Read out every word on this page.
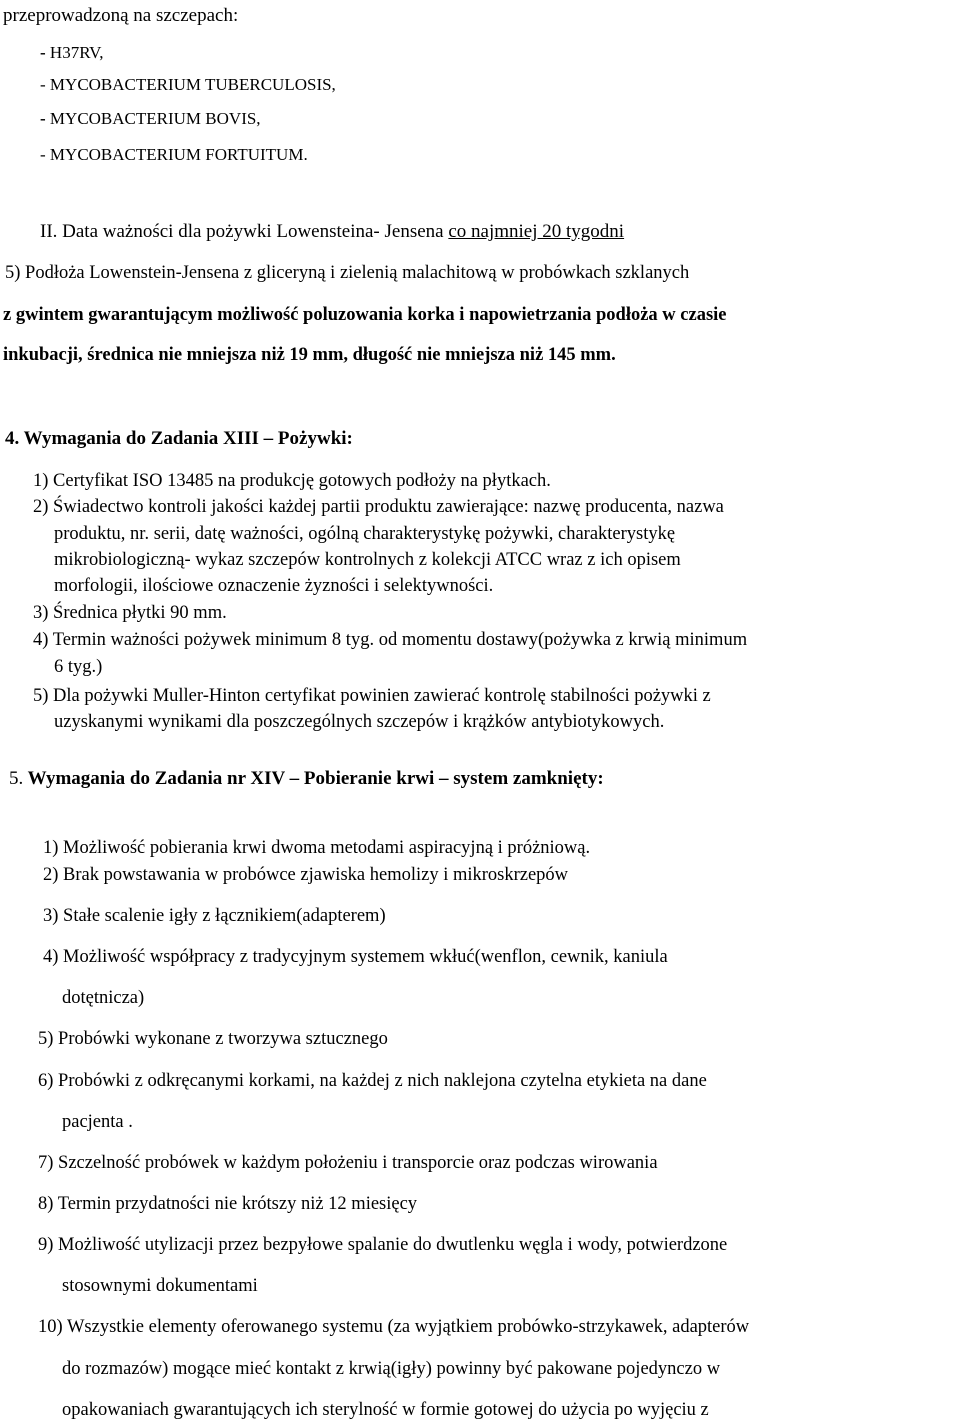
przeprowadzoną na szczepach:
- H37RV,
- MYCOBACTERIUM TUBERCULOSIS,
- MYCOBACTERIUM BOVIS,
- MYCOBACTERIUM FORTUITUM.
II. Data ważności dla pożywki Lowensteina- Jensena co najmniej 20 tygodni
5) Podłoża Lowenstein-Jensena z gliceryną i zielenią malachitową w probówkach szklanych
z gwintem gwarantującym możliwość poluzowania korka i napowietrzania podłoża w czasie
inkubacji, średnica nie mniejsza niż 19 mm, długość nie mniejsza niż 145 mm.
4. Wymagania do Zadania XIII – Pożywki:
1) Certyfikat ISO 13485 na produkcję gotowych podłoży na płytkach.
2) Świadectwo kontroli jakości każdej partii produktu zawierające: nazwę producenta, nazwa
produktu, nr. serii, datę ważności, ogólną charakterystykę pożywki, charakterystykę
mikrobiologiczną- wykaz szczepów kontrolnych z kolekcji ATCC wraz z ich opisem
morfologii, ilościowe oznaczenie żyzności i selektywności.
3) Średnica płytki 90 mm.
4) Termin ważności pożywek minimum 8 tyg. od momentu dostawy(pożywka z krwią minimum
6 tyg.)
5) Dla pożywki Muller-Hinton certyfikat powinien zawierać kontrolę stabilności pożywki z
uzyskanymi wynikami dla poszczególnych szczepów i krążków antybiotykowych.
5. Wymagania do Zadania nr XIV – Pobieranie krwi – system zamknięty:
1) Możliwość pobierania krwi dwoma metodami aspiracyjną i próżniową.
2) Brak powstawania w probówce zjawiska hemolizy i mikroskrzepów
3) Stałe scalenie igły z łącznikiem(adapterem)
4) Możliwość współpracy z tradycyjnym systemem wkłuć(wenflon, cewnik, kaniula
dotętnicza)
5) Probówki wykonane z tworzywa sztucznego
6) Probówki z odkręcanymi korkami, na każdej z nich naklejona czytelna etykieta na dane
pacjenta .
7) Szczelność probówek w każdym położeniu i transporcie oraz podczas wirowania
8) Termin przydatności nie krótszy niż 12 miesięcy
9) Możliwość utylizacji przez bezpyłowe spalanie do dwutlenku węgla i wody, potwierdzone
stosownymi dokumentami
10) Wszystkie elementy oferowanego systemu (za wyjątkiem probówko-strzykawek, adapterów
do rozmazów) mogące mieć kontakt z krwią(igły) powinny być pakowane pojedynczo w
opakowaniach gwarantujących ich sterylność w formie gotowej do użycia po wyjęciu z
